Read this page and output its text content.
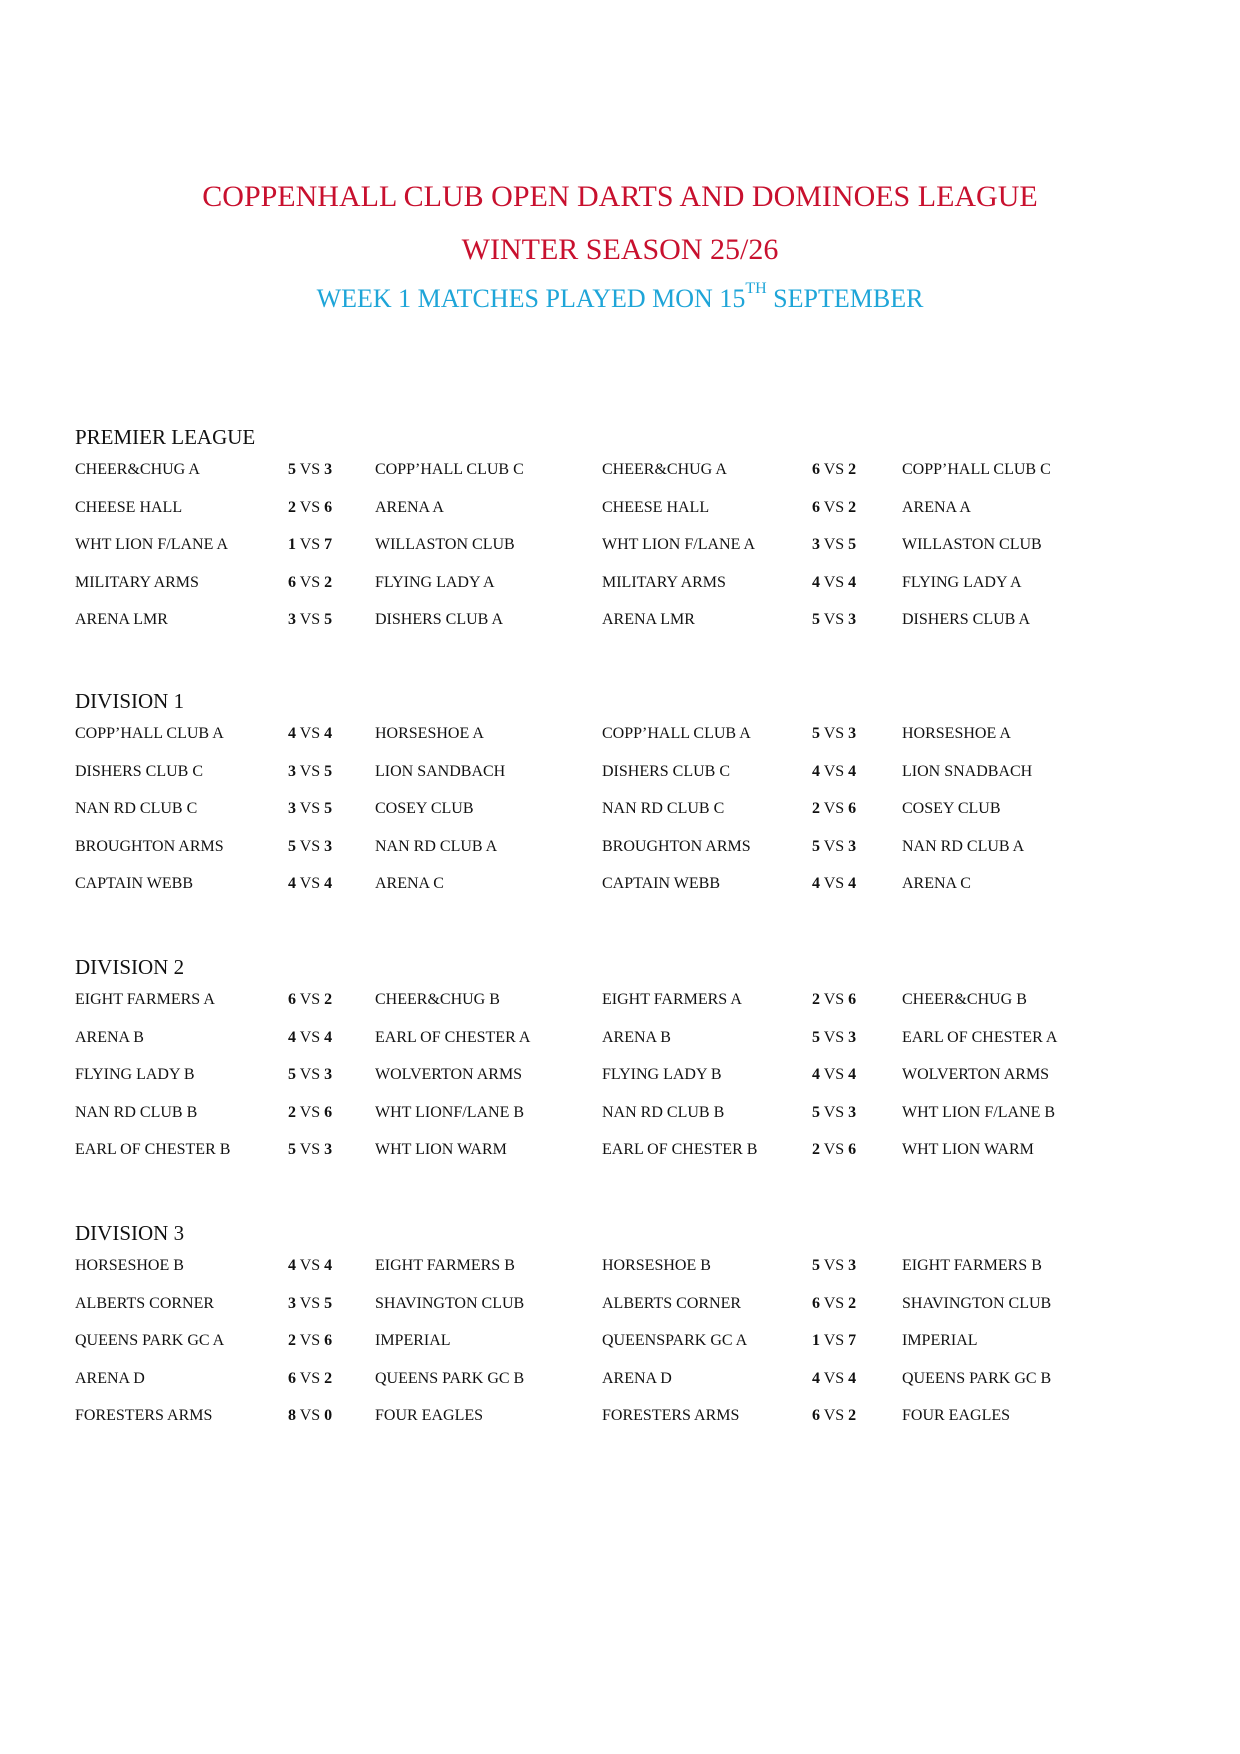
COPPENHALL CLUB OPEN DARTS AND DOMINOES LEAGUE
WINTER SEASON 25/26
WEEK 1 MATCHES PLAYED MON 15TH SEPTEMBER
PREMIER LEAGUE
CHEER&CHUG A	5 VS 3	COPP’HALL CLUB C	CHEER&CHUG A	6 VS 2	COPP’HALL CLUB C
CHEESE HALL	2 VS 6	ARENA A	CHEESE HALL	6 VS 2	ARENA A
WHT LION F/LANE A	1 VS 7	WILLASTON CLUB	WHT LION F/LANE A	3 VS 5	WILLASTON CLUB
MILITARY ARMS	6 VS 2	FLYING LADY A	MILITARY ARMS	4 VS 4	FLYING LADY A
ARENA LMR	3 VS 5	DISHERS CLUB A	ARENA LMR	5 VS 3	DISHERS CLUB A
DIVISION 1
COPP’HALL CLUB A	4 VS 4	HORSESHOE A	COPP’HALL CLUB A	5 VS 3	HORSESHOE A
DISHERS CLUB C	3 VS 5	LION SANDBACH	DISHERS CLUB C	4 VS 4	LION SNADBACH
NAN RD CLUB C	3 VS 5	COSEY CLUB	NAN RD CLUB C	2 VS 6	COSEY CLUB
BROUGHTON ARMS	5 VS 3	NAN RD CLUB A	BROUGHTON ARMS	5 VS 3	NAN RD CLUB A
CAPTAIN WEBB	4 VS 4	ARENA C	CAPTAIN WEBB	4 VS 4	ARENA C
DIVISION 2
EIGHT FARMERS A	6 VS 2	CHEER&CHUG B	EIGHT FARMERS A	2 VS 6	CHEER&CHUG B
ARENA B	4 VS 4	EARL OF CHESTER A	ARENA B	5 VS 3	EARL OF CHESTER A
FLYING LADY B	5 VS 3	WOLVERTON ARMS	FLYING LADY B	4 VS 4	WOLVERTON ARMS
NAN RD CLUB B	2 VS 6	WHT LIONF/LANE B	NAN RD CLUB B	5 VS 3	WHT LION F/LANE B
EARL OF CHESTER B	5 VS 3	WHT LION WARM	EARL OF CHESTER B	2 VS 6	WHT LION WARM
DIVISION 3
HORSESHOE B	4 VS 4	EIGHT FARMERS B	HORSESHOE B	5 VS 3	EIGHT FARMERS B
ALBERTS CORNER	3 VS 5	SHAVINGTON CLUB	ALBERTS CORNER	6 VS 2	SHAVINGTON CLUB
QUEENS PARK GC A	2 VS 6	IMPERIAL	QUEENSPARK GC A	1 VS 7	IMPERIAL
ARENA D	6 VS 2	QUEENS PARK GC B	ARENA D	4 VS 4	QUEENS PARK GC B
FORESTERS ARMS	8 VS 0	FOUR EAGLES	FORESTERS ARMS	6 VS 2	FOUR EAGLES
